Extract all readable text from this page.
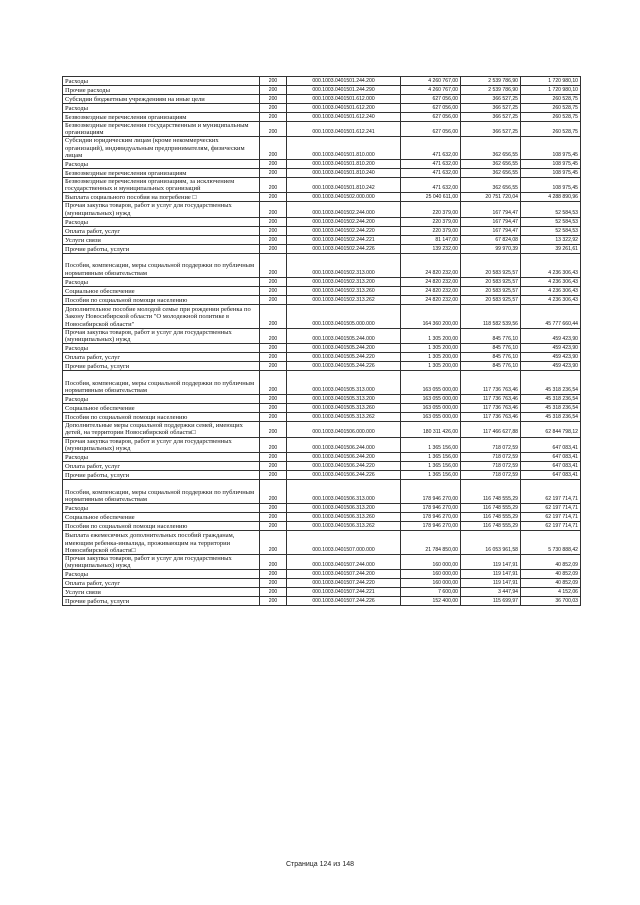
Расходы	200	000.1003.0401501.244.200	4 260 767,00	2 539 786,90	1 720 980,10
Прочие расходы	200	000.1003.0401501.244.290	4 260 767,00	2 539 786,90	1 720 980,10
Субсидии бюджетным учреждениям на иные цели	200	000.1003.0401501.612.000	627 056,00	366 527,25	260 528,75
Расходы	200	000.1003.0401501.612.200	627 056,00	366 527,25	260 528,75
Безвозмездные перечисления организациям	200	000.1003.0401501.612.240	627 056,00	366 527,25	260 528,75
Безвозмездные перечисления государственным и муниципальным организациям	200	000.1003.0401501.612.241	627 056,00	366 527,25	260 528,75
Субсидии юридическим лицам (кроме некоммерческих организаций), индивидуальным предпринимателям, физическим лицам	200	000.1003.0401501.810.000	471 632,00	362 656,55	108 975,45
Расходы	200	000.1003.0401501.810.200	471 632,00	362 656,55	108 975,45
Безвозмездные перечисления организациям	200	000.1003.0401501.810.240	471 632,00	362 656,55	108 975,45
Безвозмездные перечисления организациям, за исключением государственных и муниципальных организаций	200	000.1003.0401501.810.242	471 632,00	362 656,55	108 975,45
Выплата социального пособия на погребение □	200	000.1003.0401502.000.000	25 040 611,00	20 751 720,04	4 288 890,96
Прочая закупка товаров, работ и услуг для государственных (муниципальных) нужд	200	000.1003.0401502.244.000	220 379,00	167 794,47	52 584,53
Расходы	200	000.1003.0401502.244.200	220 379,00	167 794,47	52 584,53
Оплата работ, услуг	200	000.1003.0401502.244.220	220 379,00	167 794,47	52 584,53
Услуги связи	200	000.1003.0401502.244.221	81 147,00	67 824,08	13 322,92
Прочие работы, услуги	200	000.1003.0401502.244.226	139 232,00	99 970,39	39 261,61
Пособия, компенсации, меры социальной поддержки по публичным нормативным обязательствам	200	000.1003.0401502.313.000	24 820 232,00	20 583 925,57	4 236 306,43
Расходы	200	000.1003.0401502.313.200	24 820 232,00	20 583 925,57	4 236 306,43
Социальное обеспечение	200	000.1003.0401502.313.260	24 820 232,00	20 583 925,57	4 236 306,43
Пособия по социальной помощи населению	200	000.1003.0401502.313.262	24 820 232,00	20 583 925,57	4 236 306,43
Дополнительное пособие молодой семье при рождении ребенка по Закону Новосибирской области "О молодежной политике в Новосибирской области"	200	000.1003.0401505.000.000	164 360 200,00	118 582 539,56	45 777 660,44
Прочая закупка товаров, работ и услуг для государственных (муниципальных) нужд	200	000.1003.0401505.244.000	1 305 200,00	845 776,10	459 423,90
Расходы	200	000.1003.0401505.244.200	1 305 200,00	845 776,10	459 423,90
Оплата работ, услуг	200	000.1003.0401505.244.220	1 305 200,00	845 776,10	459 423,90
Прочие работы, услуги	200	000.1003.0401505.244.226	1 305 200,00	845 776,10	459 423,90
Пособия, компенсации, меры социальной поддержки по публичным нормативным обязательствам	200	000.1003.0401505.313.000	163 055 000,00	117 736 763,46	45 318 236,54
Расходы	200	000.1003.0401505.313.200	163 055 000,00	117 736 763,46	45 318 236,54
Социальное обеспечение	200	000.1003.0401505.313.260	163 055 000,00	117 736 763,46	45 318 236,54
Пособия по социальной помощи населению	200	000.1003.0401505.313.262	163 055 000,00	117 736 763,46	45 318 236,54
Дополнительные меры социальной поддержки семей, имеющих детей, на территории Новосибирской области□	200	000.1003.0401506.000.000	180 311 426,00	117 466 627,88	62 844 798,12
Прочая закупка товаров, работ и услуг для государственных (муниципальных) нужд	200	000.1003.0401506.244.000	1 365 156,00	718 072,59	647 083,41
Расходы	200	000.1003.0401506.244.200	1 365 156,00	718 072,59	647 083,41
Оплата работ, услуг	200	000.1003.0401506.244.220	1 365 156,00	718 072,59	647 083,41
Прочие работы, услуги	200	000.1003.0401506.244.226	1 365 156,00	718 072,59	647 083,41
Пособия, компенсации, меры социальной поддержки по публичным нормативным обязательствам	200	000.1003.0401506.313.000	178 946 270,00	116 748 555,29	62 197 714,71
Расходы	200	000.1003.0401506.313.200	178 946 270,00	116 748 555,29	62 197 714,71
Социальное обеспечение	200	000.1003.0401506.313.260	178 946 270,00	116 748 555,29	62 197 714,71
Пособия по социальной помощи населению	200	000.1003.0401506.313.262	178 946 270,00	116 748 555,29	62 197 714,71
Выплата ежемесячных дополнительных пособий гражданам, имеющим ребенка-инвалида, проживающим на территории Новосибирской области□	200	000.1003.0401507.000.000	21 784 850,00	16 053 961,58	5 730 888,42
Прочая закупка товаров, работ и услуг для государственных (муниципальных) нужд	200	000.1003.0401507.244.000	160 000,00	119 147,91	40 852,09
Расходы	200	000.1003.0401507.244.200	160 000,00	119 147,91	40 852,09
Оплата работ, услуг	200	000.1003.0401507.244.220	160 000,00	119 147,91	40 852,09
Услуги связи	200	000.1003.0401507.244.221	7 600,00	3 447,94	4 152,06
Прочие работы, услуги	200	000.1003.0401507.244.226	152 400,00	115 699,97	36 700,03
Страница 124 из 148
